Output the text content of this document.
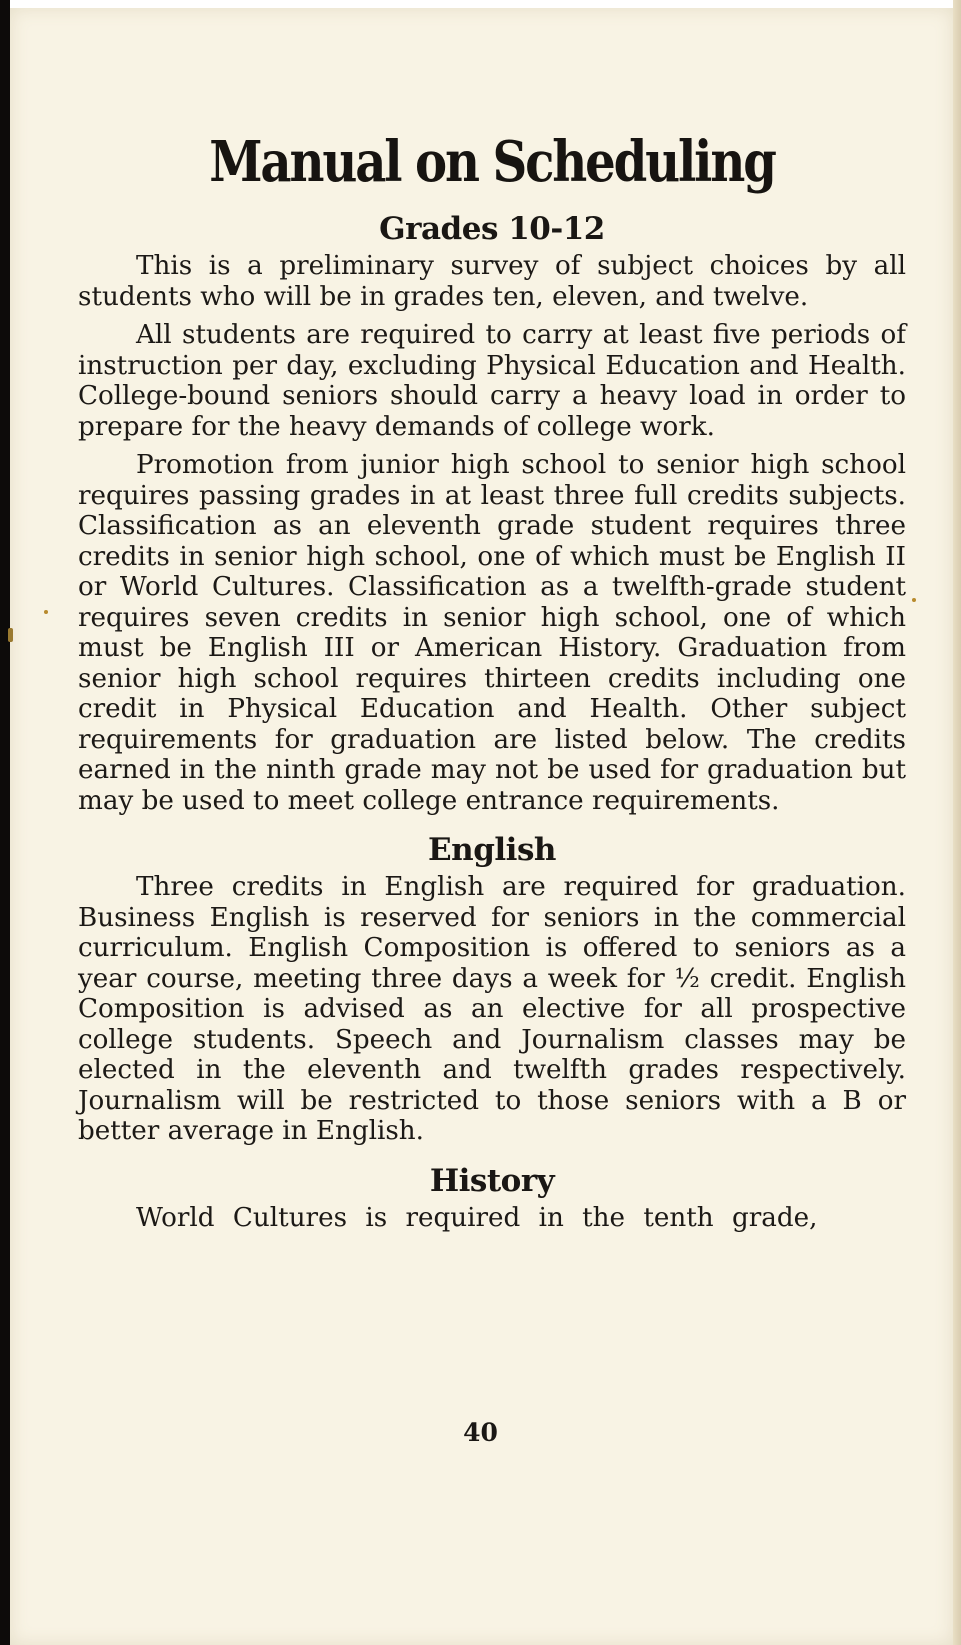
Manual on Scheduling
Grades 10-12

This is a preliminary survey of subject choices by all students who will be in grades ten, eleven, and twelve.

All students are required to carry at least five periods of instruction per day, excluding Physical Education and Health. College-bound seniors should carry a heavy load in order to prepare for the heavy demands of college work.

Promotion from junior high school to senior high school requires passing grades in at least three full credits subjects. Classification as an eleventh grade student requires three credits in senior high school, one of which must be English II or World Cultures. Classification as a twelfth-grade student requires seven credits in senior high school, one of which must be English III or American History. Graduation from senior high school requires thirteen credits including one credit in Physical Education and Health. Other subject requirements for graduation are listed below. The credits earned in the ninth grade may not be used for graduation but may be used to meet college entrance requirements.

English

Three credits in English are required for graduation. Business English is reserved for seniors in the commercial curriculum. English Composition is offered to seniors as a year course, meeting three days a week for ½ credit. English Composition is advised as an elective for all prospective college students. Speech and Journalism classes may be elected in the eleventh and twelfth grades respectively. Journalism will be restricted to those seniors with a B or better average in English.

History

World Cultures is required in the tenth grade,

40
